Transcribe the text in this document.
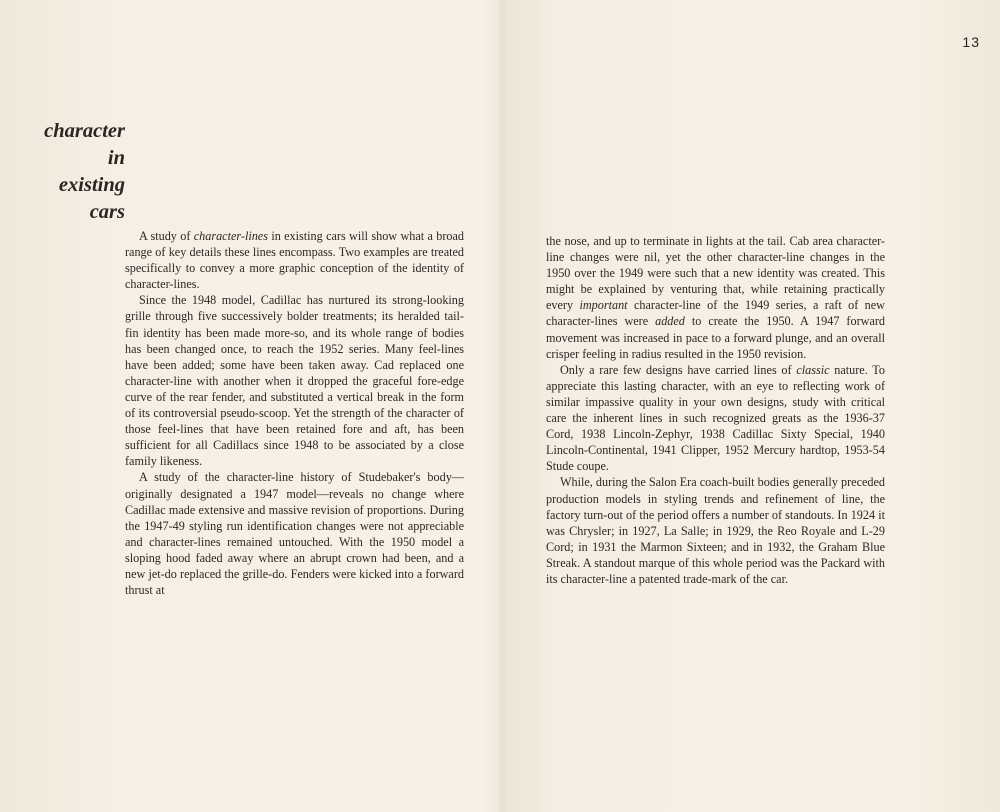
13
character
in
existing
cars

A study of character-lines in existing cars will show what a broad range of key details these lines encompass. Two examples are treated specifically to convey a more graphic conception of the identity of character-lines.

Since the 1948 model, Cadillac has nurtured its strong-looking grille through five successively bolder treatments; its heralded tail-fin identity has been made more-so, and its whole range of bodies has been changed once, to reach the 1952 series. Many feel-lines have been added; some have been taken away. Cad replaced one character-line with another when it dropped the graceful fore-edge curve of the rear fender, and substituted a vertical break in the form of its controversial pseudo-scoop. Yet the strength of the character of those feel-lines that have been retained fore and aft, has been sufficient for all Cadillacs since 1948 to be associated by a close family likeness.

A study of the character-line history of Studebaker's body—originally designated a 1947 model—reveals no change where Cadillac made extensive and massive revision of proportions. During the 1947-49 styling run identification changes were not appreciable and character-lines remained untouched. With the 1950 model a sloping hood faded away where an abrupt crown had been, and a new jet-do replaced the grille-do. Fenders were kicked into a forward thrust at

the nose, and up to terminate in lights at the tail. Cab area character-line changes were nil, yet the other character-line changes in the 1950 over the 1949 were such that a new identity was created. This might be explained by venturing that, while retaining practically every important character-line of the 1949 series, a raft of new character-lines were added to create the 1950. A 1947 forward movement was increased in pace to a forward plunge, and an overall crisper feeling in radius resulted in the 1950 revision.

Only a rare few designs have carried lines of classic nature. To appreciate this lasting character, with an eye to reflecting work of similar impassive quality in your own designs, study with critical care the inherent lines in such recognized greats as the 1936-37 Cord, 1938 Lincoln-Zephyr, 1938 Cadillac Sixty Special, 1940 Lincoln-Continental, 1941 Clipper, 1952 Mercury hardtop, 1953-54 Stude coupe.

While, during the Salon Era coach-built bodies generally preceded production models in styling trends and refinement of line, the factory turn-out of the period offers a number of standouts. In 1924 it was Chrysler; in 1927, La Salle; in 1929, the Reo Royale and L-29 Cord; in 1931 the Marmon Sixteen; and in 1932, the Graham Blue Streak. A standout marque of this whole period was the Packard with its character-line a patented trade-mark of the car.
